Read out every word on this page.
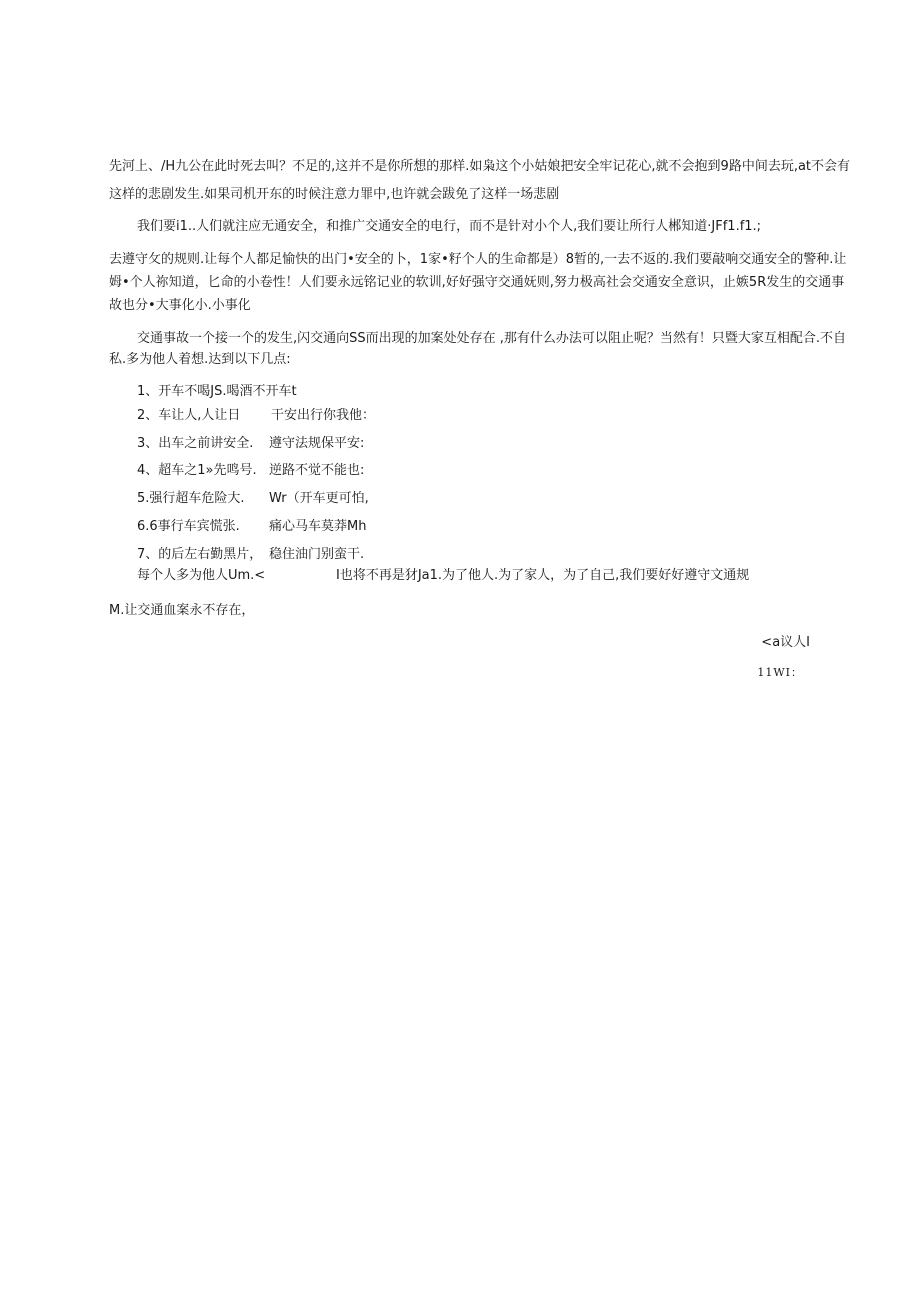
先河上、/H九公在此时死去叫？不足的,这并不是你所想的那样.如枭这个小姑娘把安全牢记花心,就不会抱到9路中间去玩,at不会有
这样的悲剧发生.如果司机开东的时候注意力罪中,也许就会跋免了这样一场悲剧
我们要i1..人们就注应无通安全，和推广交通安全的电行，而不是针对小个人,我们要让所行人郴知道·JFf1.f1.;
去遵守攵的规则.让每个人都足愉快的出门•安全的卜，1家•籽个人的生命都是）8暂的,一去不返的.我们要敲响交通安全的警种.让
姆•个人祢知道，匕命的小卷性！人们要永远铭记业的软训,好好强守交通妩则,努力极高社会交通安全意识，止嫉5R发生的交通事
故也分•大事化小.小事化
交通事故一个接一个的发生,闪交通向SS而出现的加案处处存在 ,那有什么办法可以阻止呢？当然有！只暨大家互相配合.不自
私.多为他人着想.达到以下几点:
1、开车不喝JS.喝酒不开车t
2、车让人,人让日 干安出行你我他：
3、出车之前讲安全. 遵守法规保平安:
4、超车之1»先鸣号. 逆路不觉不能也:
5.强行超车危险大. Wr（开车更可怕,
6.6事行车宾慌张. 痛心马车莫莽Mh
7、的后左右勤黑片， 稳住油门别蛮干.
每个人多为他人Um.<	I也将不再是犲Ja1.为了他人.为了家人，为了自己,我们要好好遵守文通规
M.让交通血案永不存在，
<a议人I
11WI：
